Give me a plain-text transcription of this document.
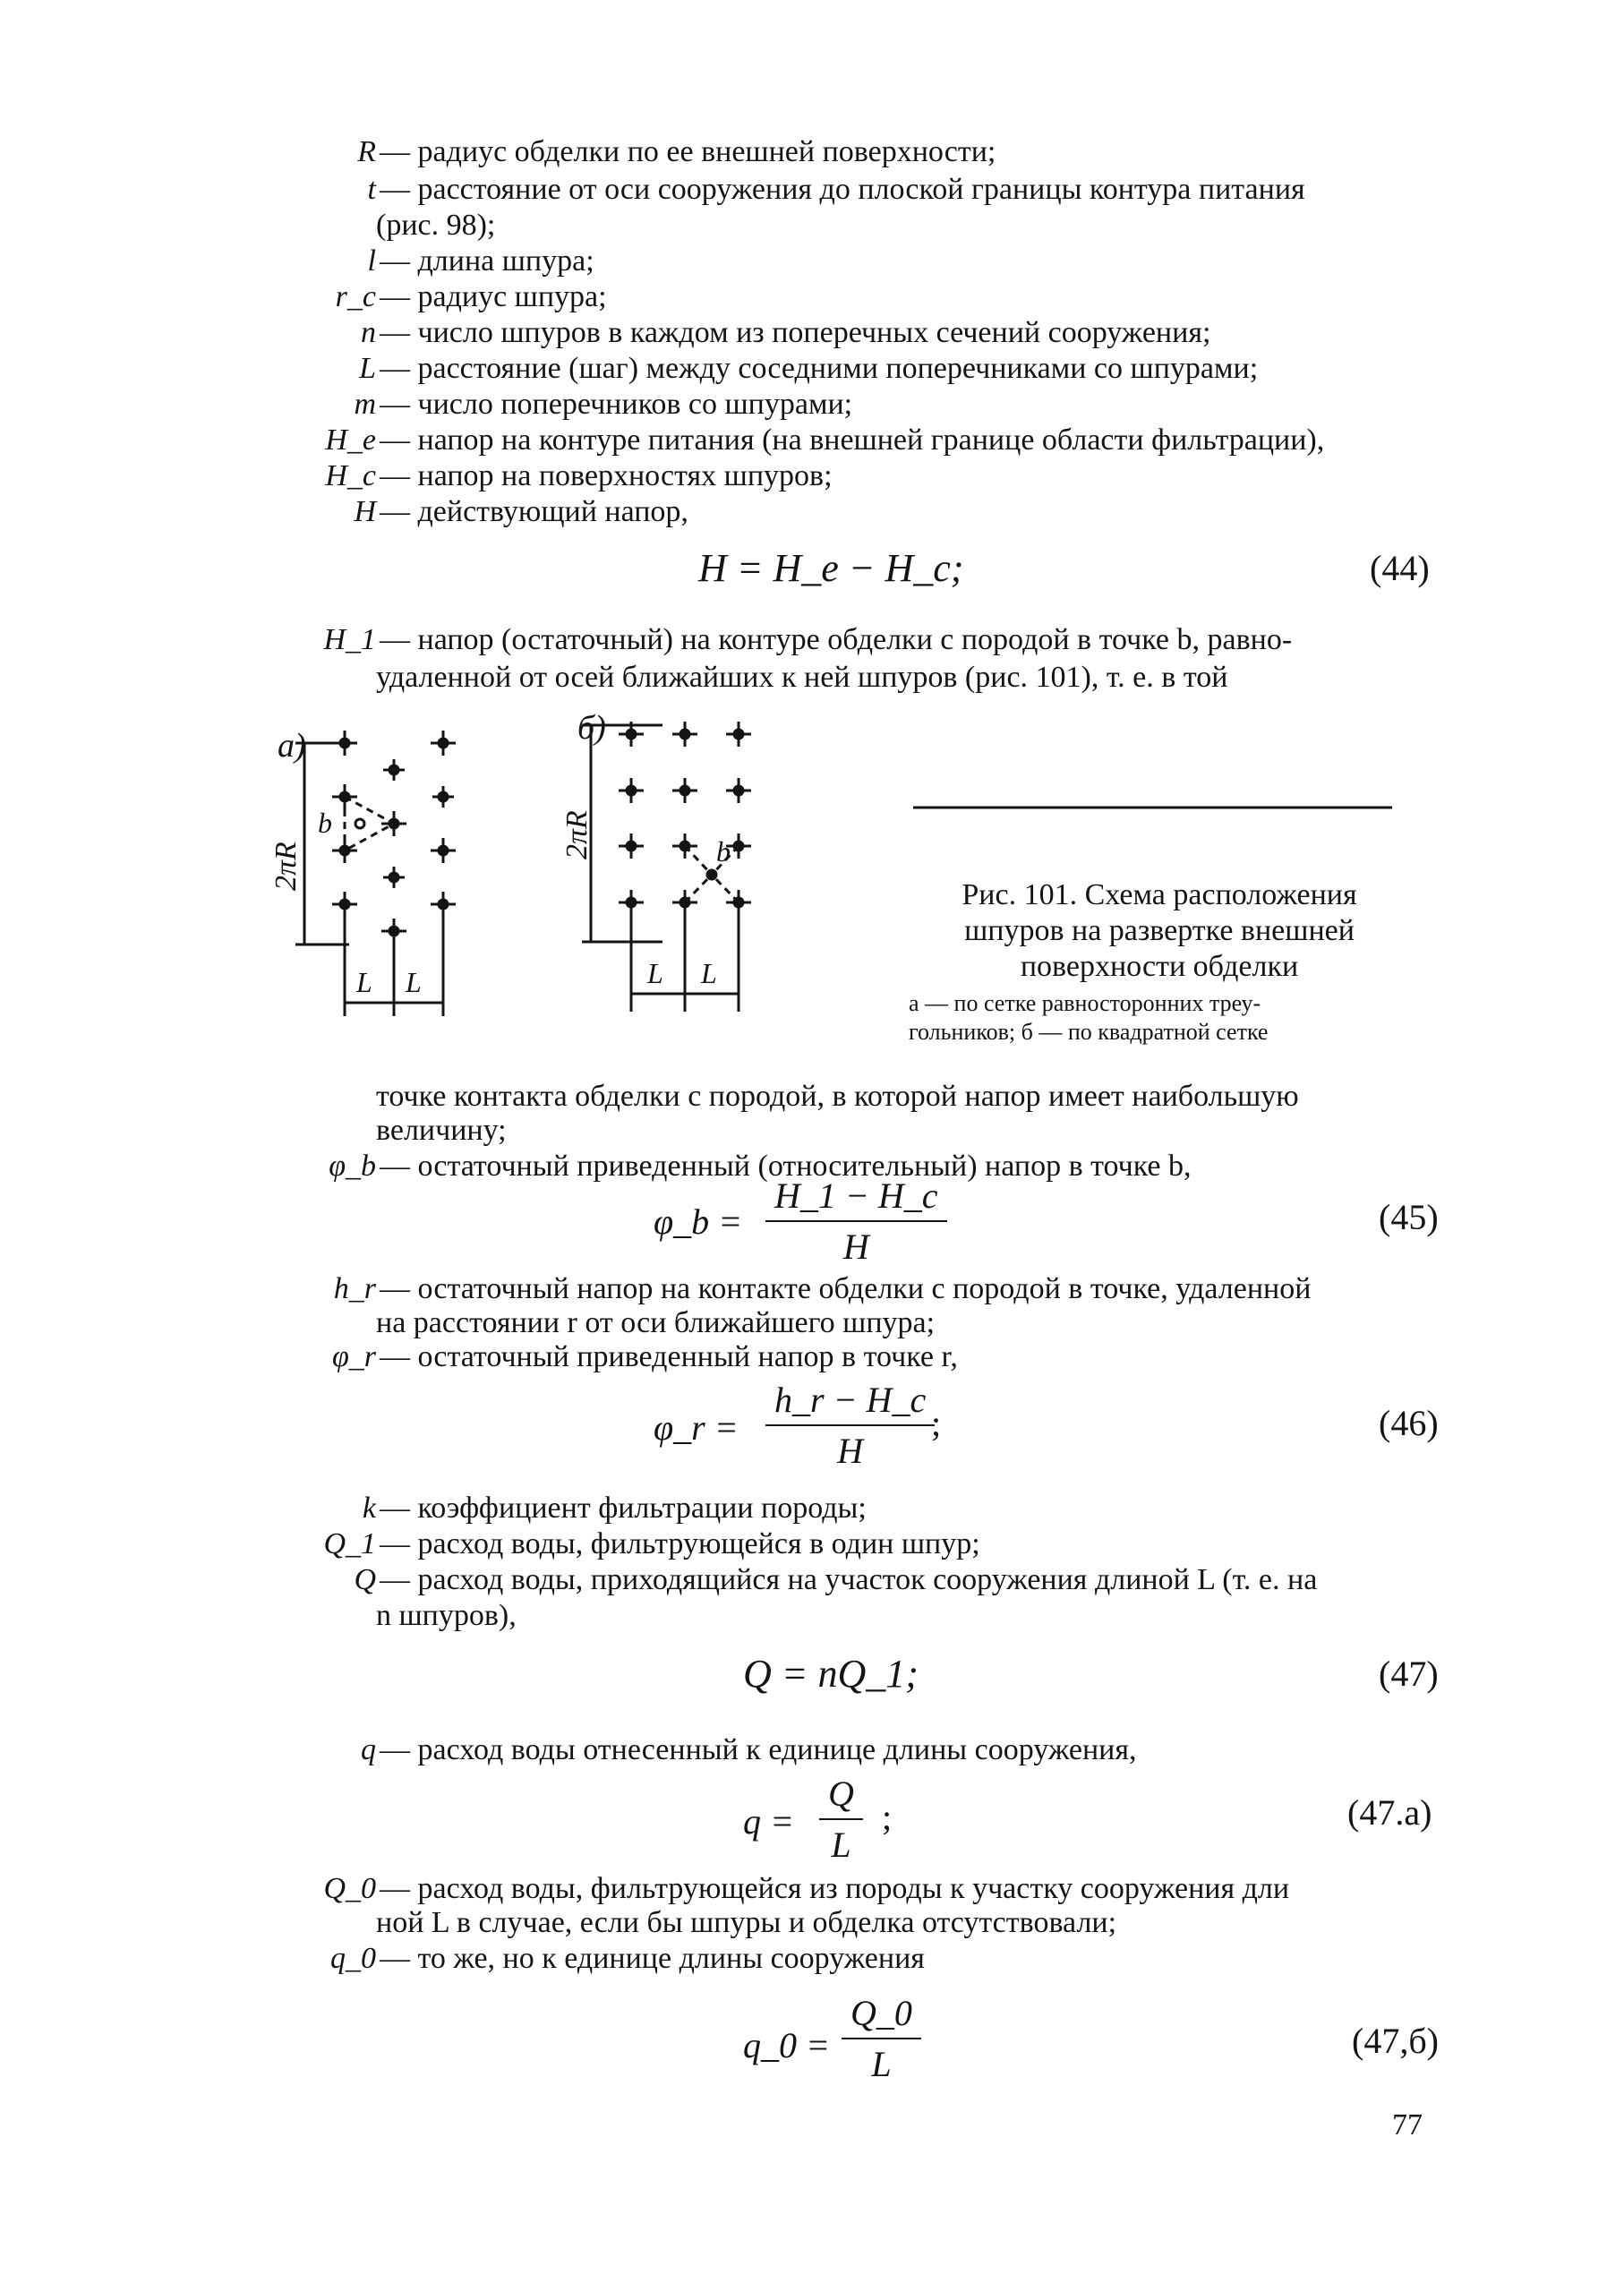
R — радиус обделки по ее внешней поверхности;
t — расстояние от оси сооружения до плоской границы контура питания
(рис. 98);
l — длина шпура;
r_c — радиус шпура;
n — число шпуров в каждом из поперечных сечений сооружения;
L — расстояние (шаг) между соседними поперечниками со шпурами;
m — число поперечников со шпурами;
H_e — напор на контуре питания (на внешней границе области фильтрации),
H_c — напор на поверхностях шпуров;
H — действующий напор,
H = H_e − H_c;	(44)
H_1 — напор (остаточный) на контуре обделки с породой в точке b, равно-
удаленной от осей ближайших к ней шпуров (рис. 101), т. е. в той
a)
2πR
b
L L
б)
2πR	b
L L
Рис. 101. Схема расположения
шпуров на развертке внешней
поверхности обделки
а — по сетке равносторонних треу-
гольников; б — по квадратной сетке
точке контакта обделки с породой, в которой напор имеет наибольшую
величину;
φ_b — остаточный приведенный (относительный) напор в точке b,
φ_b = $\frac{H\_1 - H\_c}{H}$	(45)
h_r — остаточный напор на контакте обделки с породой в точке, удаленной
на расстоянии r от оси ближайшего шпура;
φ_r — остаточный приведенный напор в точке r,
φ_r = $\frac{h\_r - H\_c}{H}$
;	(46)
k — коэффициент фильтрации породы;
Q_1 — расход воды, фильтрующейся в один шпур;
Q — расход воды, приходящийся на участок сооружения длиной L (т. е. на
n шпуров),
Q = nQ_1;	(47)
q — расход воды отнесенный к единице длины сооружения,
$q = \frac{Q}{L}$ ;	(47.a)
Q_0 — расход воды, фильтрующейся из породы к участку сооружения дли
ной L в случае, если бы шпуры и обделка отсутствовали;
q_0 — то же, но к единице длины сооружения
q_0 = $\frac{Q\_0}{L}$	(47,б)
77
